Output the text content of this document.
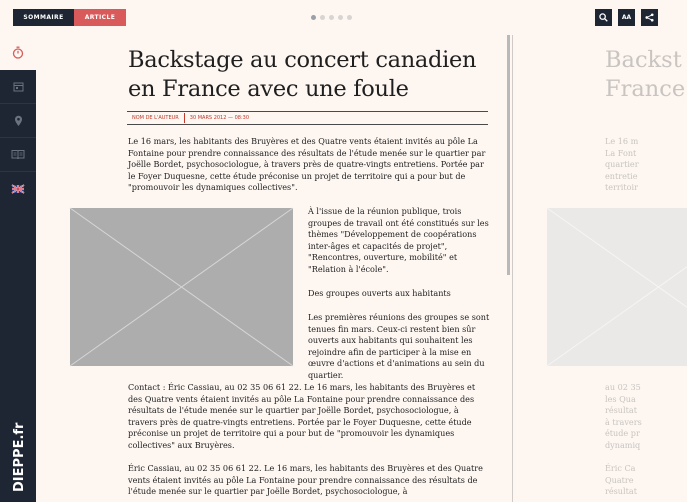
SOMMAIRE	ARTICLE	AA
DIEPPE.fr
Backstage au concert canadien en France avec une foule
NOM DE L'AUTEUR	30 MARS 2012 — 08:30

Le 16 mars, les habitants des Bruyères et des Quatre vents étaient invités au pôle La Fontaine pour prendre connaissance des résultats de l'étude menée sur le quartier par Joëlle Bordet, psychosociologue, à travers près de quatre-vingts entretiens. Portée par le Foyer Duquesne, cette étude préconise un projet de territoire qui a pour but de "promouvoir les dynamiques collectives".

À l'issue de la réunion publique, trois groupes de travail ont été constitués sur les thèmes "Développement de coopérations inter-âges et capacités de projet", "Rencontres, ouverture, mobilité" et "Relation à l'école".

Des groupes ouverts aux habitants

Les premières réunions des groupes se sont tenues fin mars. Ceux-ci restent bien sûr ouverts aux habitants qui souhaitent les rejoindre afin de participer à la mise en œuvre d'actions et d'animations au sein du quartier.

Contact : Éric Cassiau, au 02 35 06 61 22. Le 16 mars, les habitants des Bruyères et des Quatre vents étaient invités au pôle La Fontaine pour prendre connaissance des résultats de l'étude menée sur le quartier par Joëlle Bordet, psychosociologue, à travers près de quatre-vingts entretiens. Portée par le Foyer Duquesne, cette étude préconise un projet de territoire qui a pour but de "promouvoir les dynamiques collectives" aux Bruyères.

Éric Cassiau, au 02 35 06 61 22. Le 16 mars, les habitants des Bruyères et des Quatre vents étaient invités au pôle La Fontaine pour prendre connaissance des résultats de l'étude menée sur le quartier par Joëlle Bordet, psychosociologue, à

Backst
France
Le 16 m
La Font
quartier
entretie
territoir
au 02 35
les Qua
résultat
à travers
étude pr
dynamiq
Éric Ca
Quatre
résultat
